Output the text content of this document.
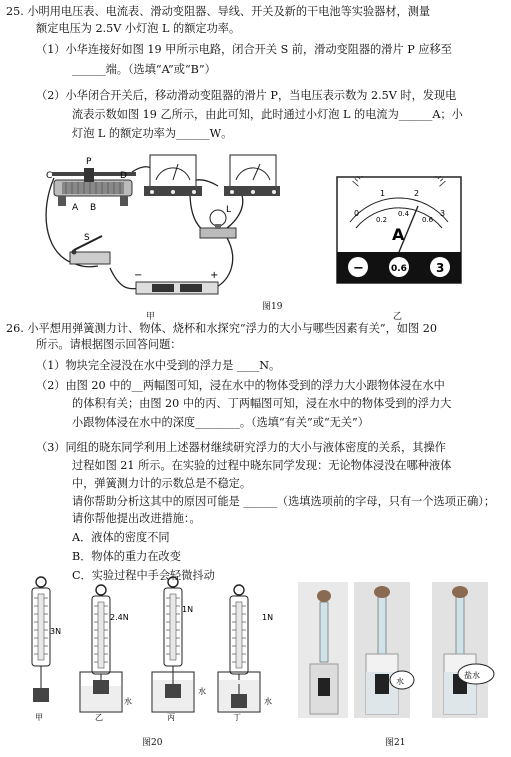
25. 小明用电压表、电流表、滑动变阻器、导线、开关及新的干电池等实验器材，测量
额定电压为 2.5V 小灯泡 L 的额定功率。
（1）小华连接好如图 19 甲所示电路，闭合开关 S 前，滑动变阻器的滑片 P 应移至
______端。（选填“A”或“B”）
（2）小华闭合开关后，移动滑动变阻器的滑片 P，当电压表示数为 2.5V 时，发现电
流表示数如图 19 乙所示，由此可知，此时通过小灯泡 L 的电流为______A；小
灯泡 L 的额定功率为______W。
C
P
D
A B
S
L
−	+
0
1	2
3
0.2
0.4
0.6
A
−	0.6 3
甲
图19
乙
26. 小平想用弹簧测力计、物体、烧杯和水探究“浮力的大小与哪些因素有关”，如图 20
所示。请根据图示回答问题：
（1）物块完全浸没在水中受到的浮力是 ____N。
（2）由图 20 中的__两幅图可知，浸在水中的物体受到的浮力大小跟物体浸在水中
的体积有关；由图 20 中的丙、丁两幅图可知，浸在水中的物体受到的浮力大
小跟物体浸在水中的深度________。（选填“有关”或“无关”）
（3）同组的晓东同学利用上述器材继续研究浮力的大小与液体密度的关系，其操作
过程如图 21 所示。在实验的过程中晓东同学发现：无论物体浸没在哪种液体
中，弹簧测力计的示数总是不稳定。
请你帮助分析这其中的原因可能是 ______（选填选项前的字母，只有一个选项正确）；
请你帮他提出改进措施：。
A．液体的密度不同
B．物体的重力在改变
C．实验过程中手会轻微抖动
3N
甲
2.4N
水
乙
1N
水
丙
1N
水
丁
图20
水
盐水
图21
